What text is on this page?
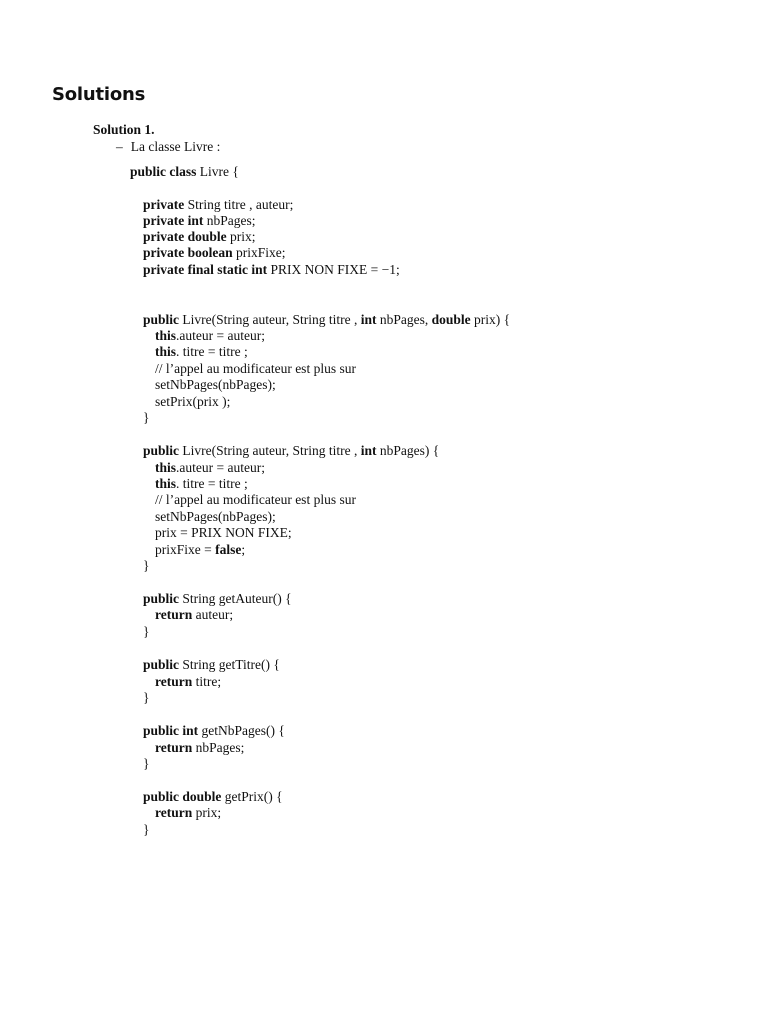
Solutions
Solution 1.
– La classe Livre :
public class Livre {
private String titre , auteur;
private int nbPages;
private double prix;
private boolean prixFixe;
private final static int PRIX NON FIXE = −1;
public Livre(String auteur, String titre , int nbPages, double prix) {
this.auteur = auteur;
this. titre = titre ;
// l’appel au modificateur est plus sur
setNbPages(nbPages);
setPrix(prix );
}
public Livre(String auteur, String titre , int nbPages) {
this.auteur = auteur;
this. titre = titre ;
// l’appel au modificateur est plus sur
setNbPages(nbPages);
prix = PRIX NON FIXE;
prixFixe = false;
}
public String getAuteur() {
return auteur;
}
public String getTitre() {
return titre;
}
public int getNbPages() {
return nbPages;
}
public double getPrix() {
return prix;
}
